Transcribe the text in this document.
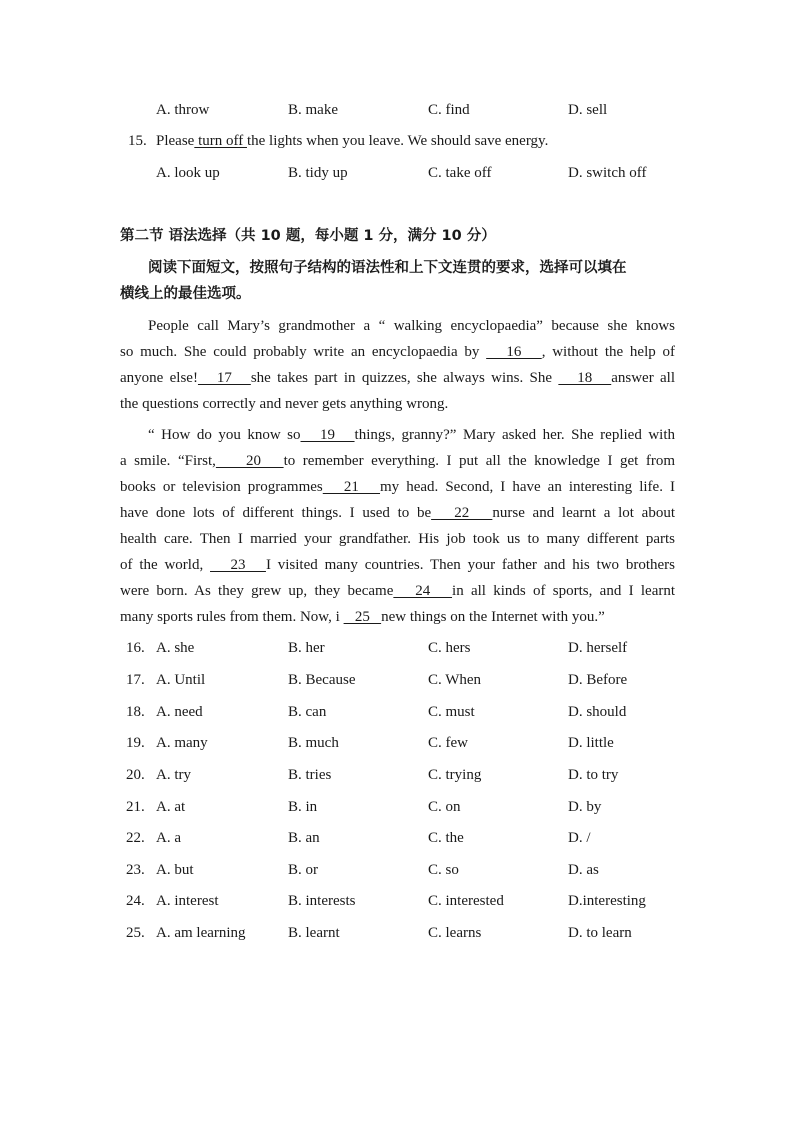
A. throw	B. make	C. find	D. sell
15. Please turn off the lights when you leave. We should save energy.
A. look up	B. tidy up	C. take off	D. switch off
第二节 语法选择（共 10 题，每小题 1 分，满分 10 分）
阅读下面短文，按照句子结构的语法性和上下文连贯的要求，选择可以填在
横线上的最佳选项。
People call Mary’s grandmother a “ walking encyclopaedia” because she knows
so much. She could probably write an encyclopaedia by    16   , without the help of
anyone else!   17   she takes part in quizzes, she always wins. She    18   answer all
the questions correctly and never gets anything wrong.
“ How do you know so   19   things, granny?” Mary asked her. She replied with
a smile. “First,    20   to remember everything. I put all the knowledge I get from
books or television programmes   21   my head. Second, I have an interesting life. I
have done lots of different things. I used to be   22   nurse and learnt a lot about
health care. Then I married your grandfather. His job took us to many different parts
of the world,    23   I visited many countries. Then your father and his two brothers
were born. As they grew up, they became   24   in all kinds of sports, and I learnt
many sports rules from them. Now, i    25   new things on the Internet with you.”
16. A. she	B. her	C. hers	D. herself
17. A. Until	B. Because	C. When	D. Before
18. A. need	B. can	C. must	D. should
19. A. many	B. much	C. few	D. little
20. A. try	B. tries	C. trying	D. to try
21. A. at	B. in	C. on	D. by
22. A. a	B. an	C. the	D. /
23. A. but	B. or	C. so	D. as
24. A. interest	B. interests	C. interested	D.interesting
25. A. am learning	B. learnt	C. learns	D. to learn
